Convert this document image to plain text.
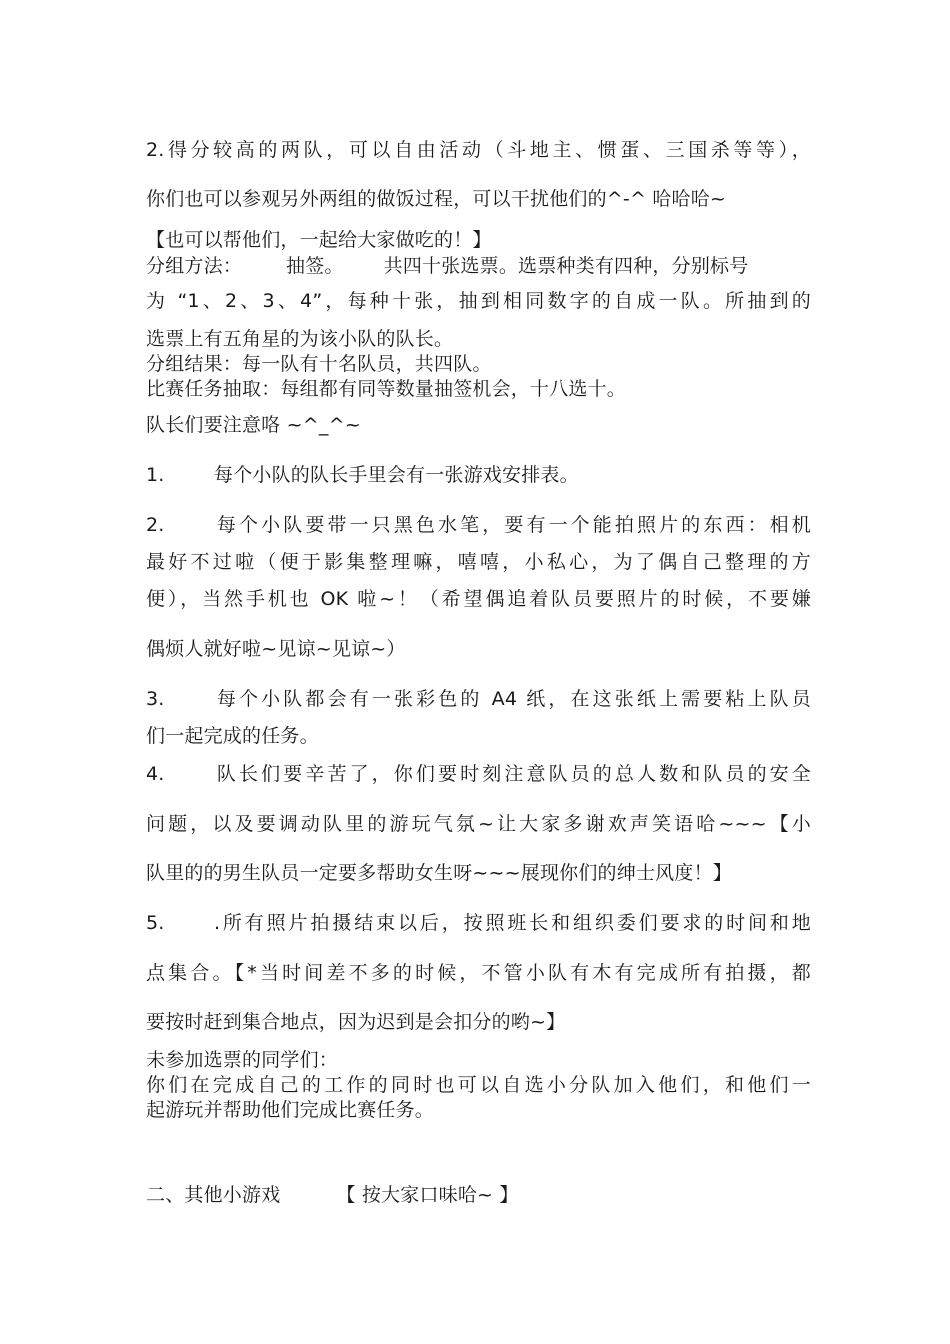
2.得分较高的两队，可以自由活动（斗地主、惯蛋、三国杀等等），
你们也可以参观另外两组的做饭过程，可以干扰他们的^-^ 哈哈哈~
【也可以帮他们，一起给大家做吃的！】
分组方法： 抽签。 共四十张选票。选票种类有四种，分别标号
为 “1、2、3、4”，每种十张，抽到相同数字的自成一队。所抽到的
选票上有五角星的为该小队的队长。
分组结果：每一队有十名队员，共四队。
比赛任务抽取：每组都有同等数量抽签机会，十八选十。
队长们要注意咯 ~^_^~
1.	每个小队的队长手里会有一张游戏安排表。
2.	每个小队要带一只黑色水笔，要有一个能拍照片的东西：相机
最好不过啦（便于影集整理嘛，嘻嘻，小私心，为了偶自己整理的方
便），当然手机也 OK 啦~！（希望偶追着队员要照片的时候，不要嫌
偶烦人就好啦~见谅~见谅~）
3.	每个小队都会有一张彩色的 A4 纸，在这张纸上需要粘上队员
们一起完成的任务。
4.	队长们要辛苦了，你们要时刻注意队员的总人数和队员的安全
问题，以及要调动队里的游玩气氛~让大家多谢欢声笑语哈~~~【小
队里的的男生队员一定要多帮助女生呀~~~展现你们的绅士风度！】
5.	.所有照片拍摄结束以后，按照班长和组织委们要求的时间和地
点集合。【*当时间差不多的时候，不管小队有木有完成所有拍摄，都
要按时赶到集合地点，因为迟到是会扣分的哟~】
未参加选票的同学们：
你们在完成自己的工作的同时也可以自选小分队加入他们，和他们一
起游玩并帮助他们完成比赛任务。
二、其他小游戏	【 按大家口味哈~ 】
